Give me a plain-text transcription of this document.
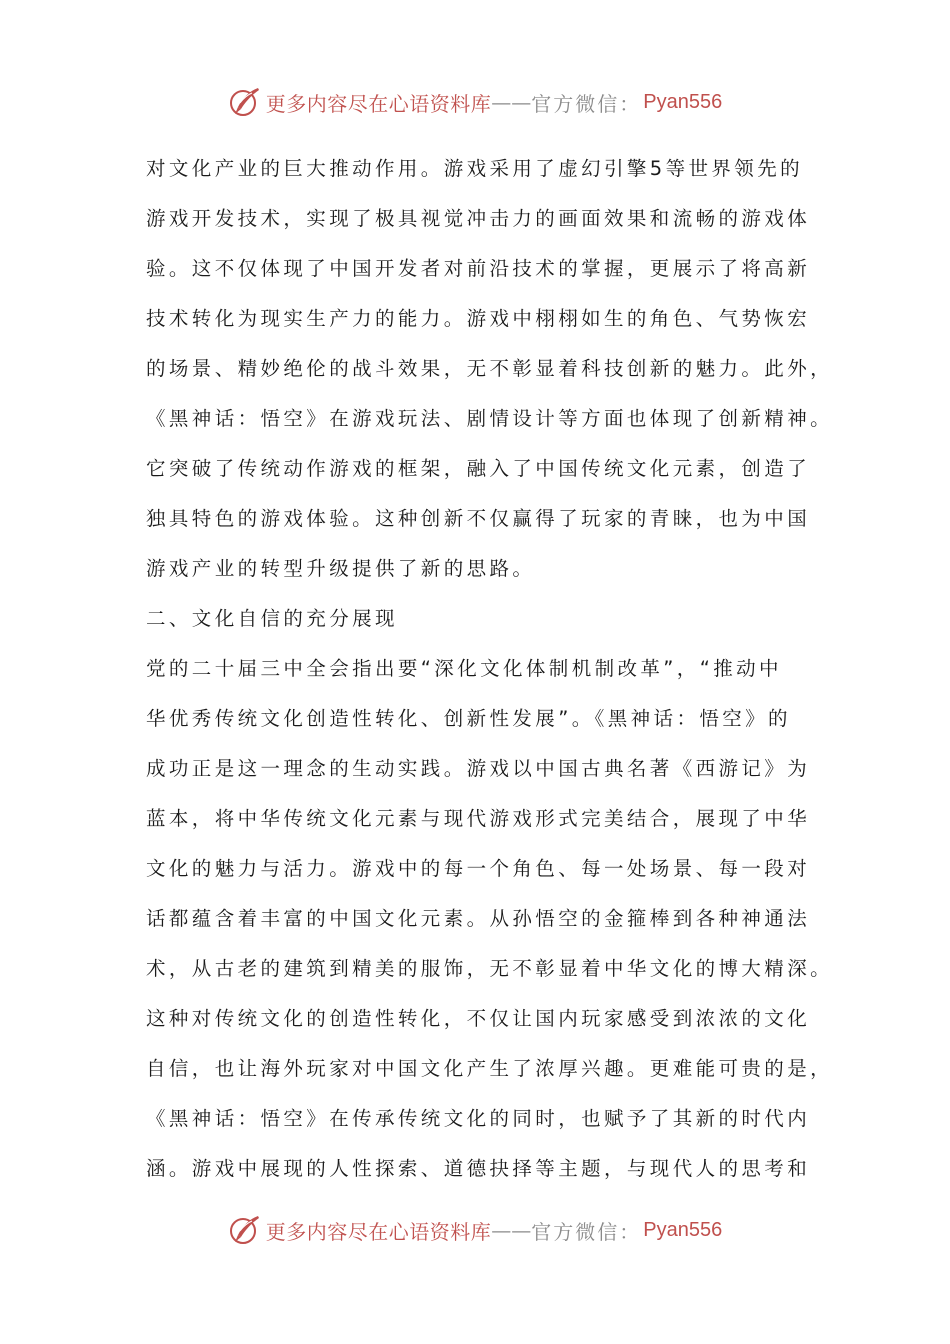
更多内容尽在心语资料库 —— 官方微信： Pyan556
对文化产业的巨大推动作用。游戏采用了虚幻引擎5等世界领先的
游戏开发技术，实现了极具视觉冲击力的画面效果和流畅的游戏体
验。这不仅体现了中国开发者对前沿技术的掌握，更展示了将高新
技术转化为现实生产力的能力。游戏中栩栩如生的角色、气势恢宏
的场景、精妙绝伦的战斗效果，无不彰显着科技创新的魅力。此外，
《黑神话：悟空》在游戏玩法、剧情设计等方面也体现了创新精神。
它突破了传统动作游戏的框架，融入了中国传统文化元素，创造了
独具特色的游戏体验。这种创新不仅赢得了玩家的青睐，也为中国
游戏产业的转型升级提供了新的思路。
二、文化自信的充分展现
党的二十届三中全会指出要“深化文化体制机制改革”，“推动中
华优秀传统文化创造性转化、创新性发展”。《黑神话：悟空》的
成功正是这一理念的生动实践。游戏以中国古典名著《西游记》为
蓝本，将中华传统文化元素与现代游戏形式完美结合，展现了中华
文化的魅力与活力。游戏中的每一个角色、每一处场景、每一段对
话都蕴含着丰富的中国文化元素。从孙悟空的金箍棒到各种神通法
术，从古老的建筑到精美的服饰，无不彰显着中华文化的博大精深。
这种对传统文化的创造性转化，不仅让国内玩家感受到浓浓的文化
自信，也让海外玩家对中国文化产生了浓厚兴趣。更难能可贵的是，
《黑神话：悟空》在传承传统文化的同时，也赋予了其新的时代内
涵。游戏中展现的人性探索、道德抉择等主题，与现代人的思考和
更多内容尽在心语资料库 —— 官方微信： Pyan556
